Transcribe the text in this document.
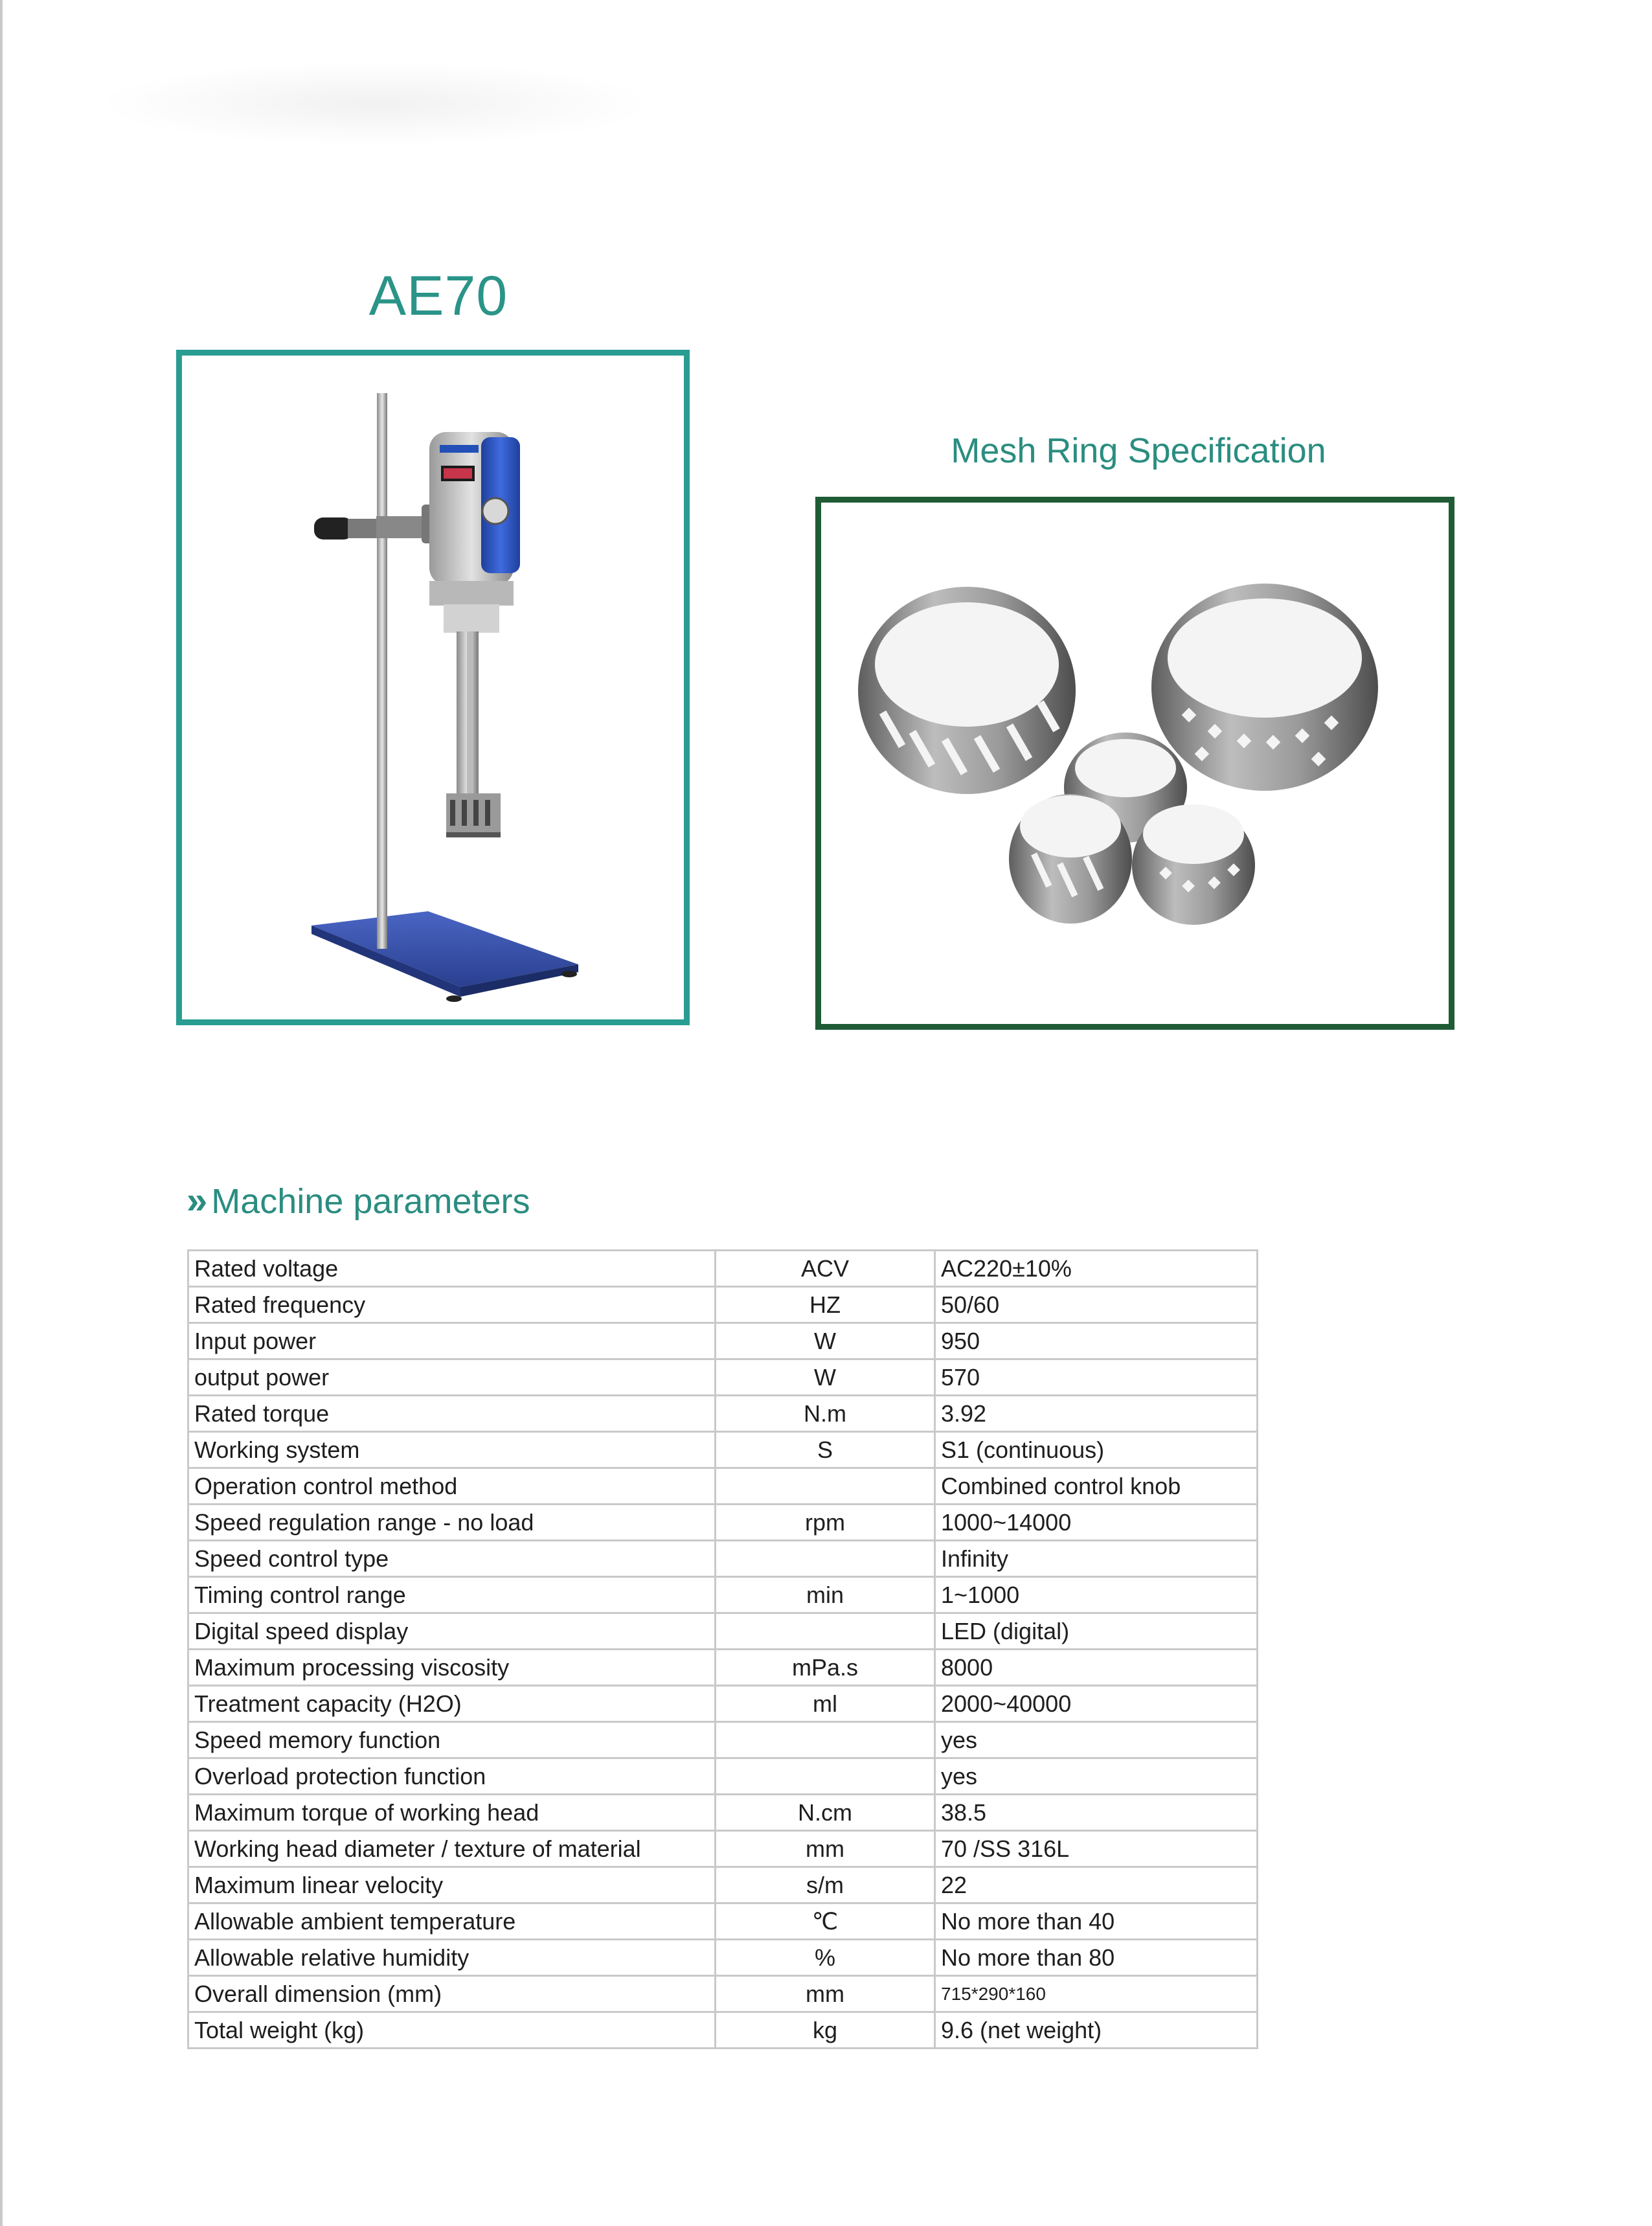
AE70
Mesh Ring Specification
» Machine parameters
Rated voltage	ACV	AC220±10%
Rated frequency	HZ	50/60
Input power	W	950
output power	W	570
Rated torque	N.m	3.92
Working system	S	S1 (continuous)
Operation control method		Combined control knob
Speed regulation range - no load	rpm	1000~14000
Speed control type		Infinity
Timing control range	min	1~1000
Digital speed display		LED (digital)
Maximum processing viscosity	mPa.s	8000
Treatment capacity (H2O)	ml	2000~40000
Speed memory function		yes
Overload protection function		yes
Maximum torque of working head	N.cm	38.5
Working head diameter / texture of material	mm	70 /SS 316L
Maximum linear velocity	s/m	22
Allowable ambient temperature	℃	No more than 40
Allowable relative humidity	%	No more than 80
Overall dimension (mm)	mm	715*290*160
Total weight (kg)	kg	9.6 (net weight)
